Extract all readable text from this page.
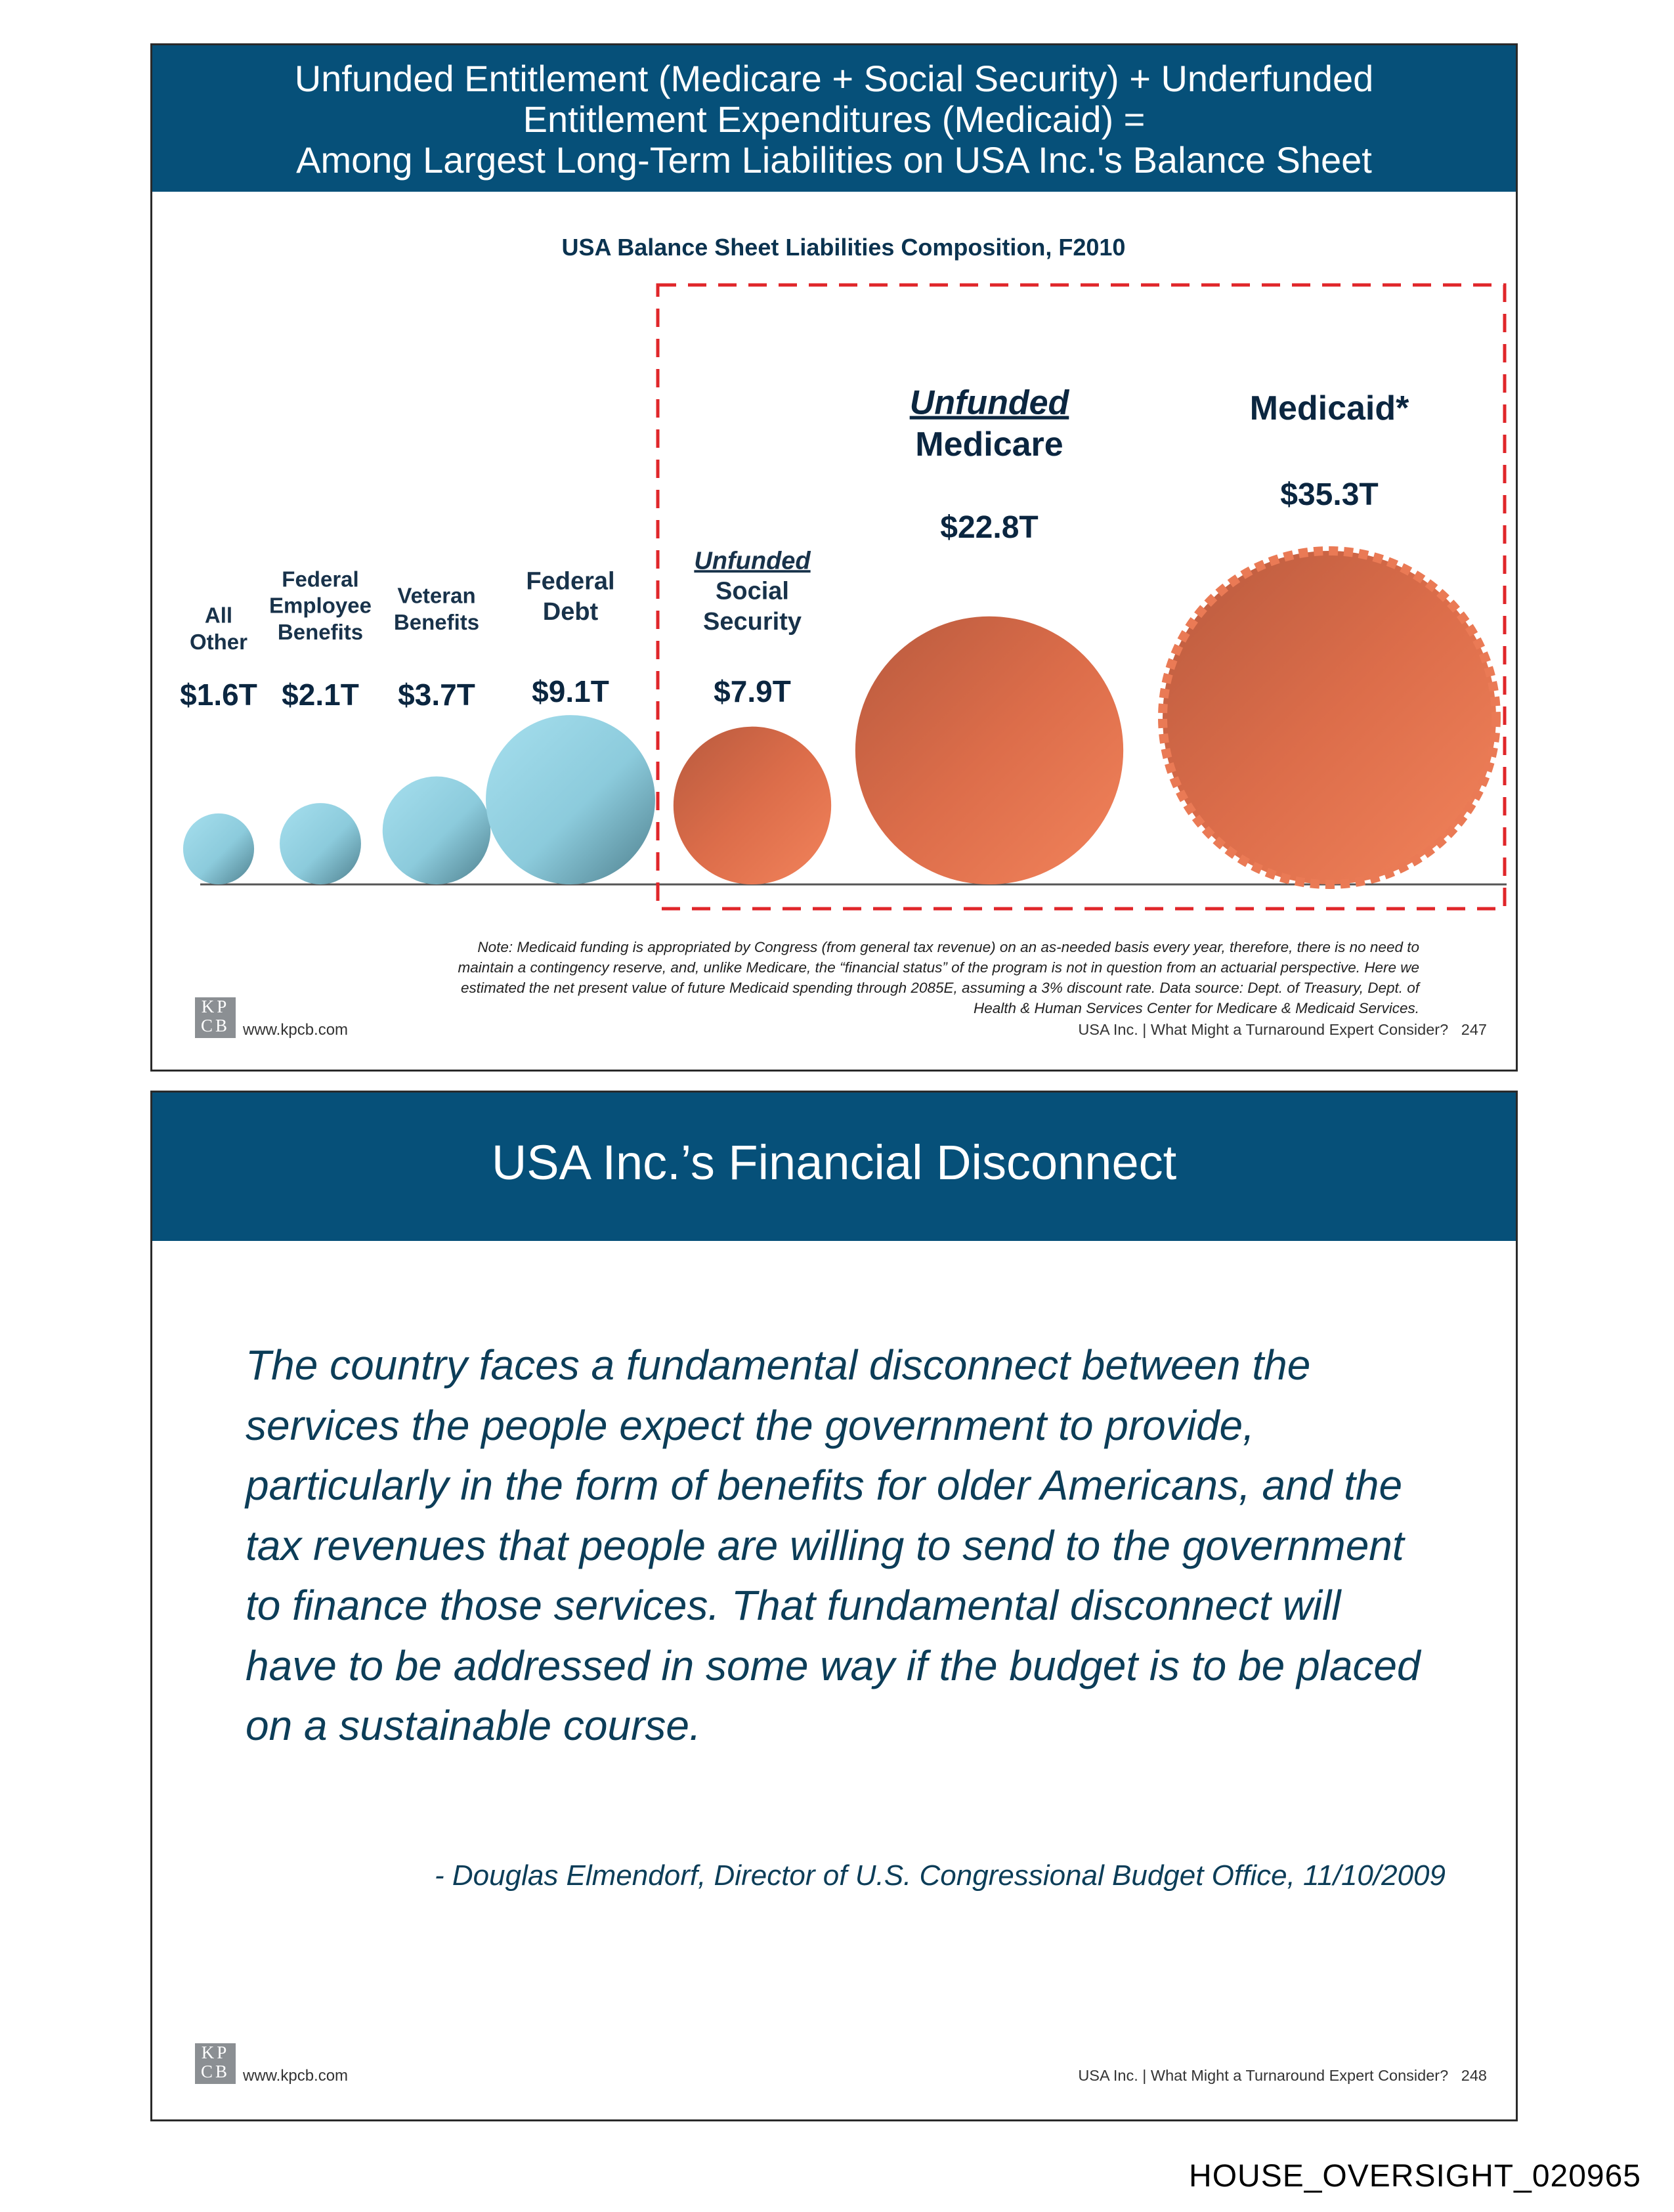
Unfunded Entitlement (Medicare + Social Security) + Underfunded
Entitlement Expenditures (Medicaid) =
Among Largest Long-Term Liabilities on USA Inc.'s Balance Sheet
USA Balance Sheet Liabilities Composition, F2010
All
Other
$1.6T
Federal
Employee
Benefits
$2.1T
Veteran
Benefits
$3.7T
Federal
Debt
$9.1T
Unfunded
Social
Security
$7.9T
Unfunded
Medicare
$22.8T
Medicaid*
$35.3T
Note: Medicaid funding is appropriated by Congress (from general tax revenue) on an as-needed basis every year, therefore, there is no need to maintain a contingency reserve, and, unlike Medicare, the “financial status” of the program is not in question from an actuarial perspective. Here we estimated the net present value of future Medicaid spending through 2085E, assuming a 3% discount rate. Data source: Dept. of Treasury, Dept. of Health & Human Services Center for Medicare & Medicaid Services.
KP
CB www.kpcb.com	USA Inc. | What Might a Turnaround Expert Consider? 247
USA Inc.’s Financial Disconnect
The country faces a fundamental disconnect between the services the people expect the government to provide, particularly in the form of benefits for older Americans, and the tax revenues that people are willing to send to the government to finance those services. That fundamental disconnect will have to be addressed in some way if the budget is to be placed on a sustainable course.
- Douglas Elmendorf, Director of U.S. Congressional Budget Office, 11/10/2009
KP
CB www.kpcb.com	USA Inc. | What Might a Turnaround Expert Consider? 248
HOUSE_OVERSIGHT_020965
